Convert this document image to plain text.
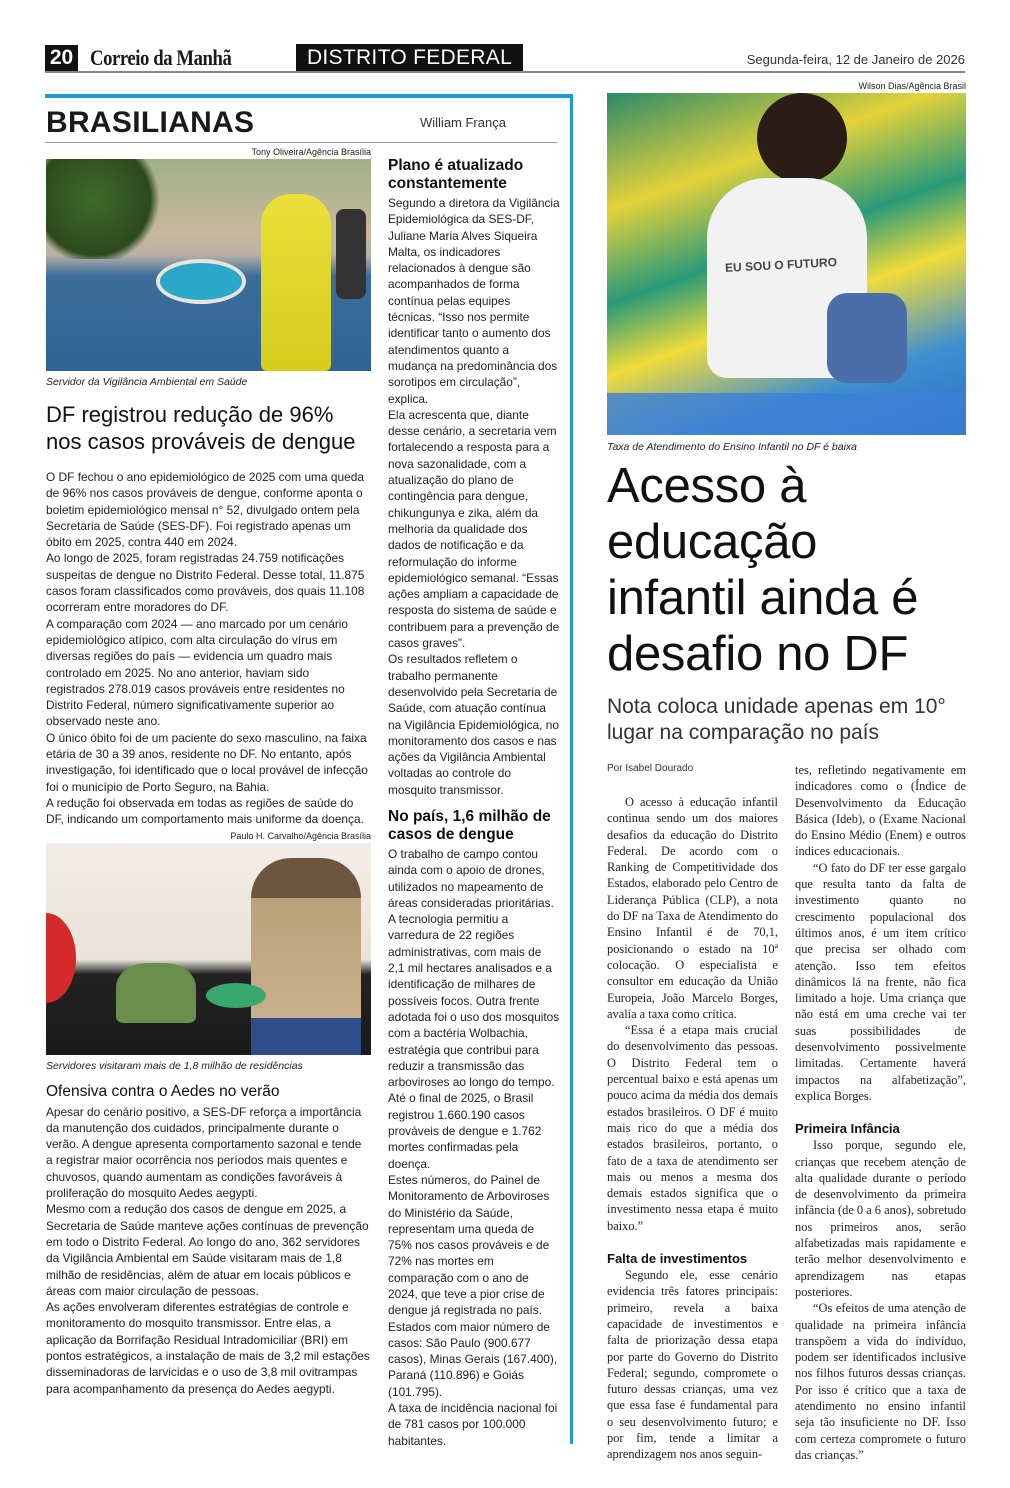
20 Correio da Manhã	DISTRITO FEDERAL	Segunda-feira, 12 de Janeiro de 2026
BRASILIANAS	William França
Tony Oliveira/Agência Brasília
Servidor da Vigilância Ambiental em Saúde
DF registrou redução de 96% nos casos prováveis de dengue

O DF fechou o ano epidemiológico de 2025 com uma queda de 96% nos casos prováveis de dengue, conforme aponta o boletim epidemiológico mensal n° 52, divulgado ontem pela Secretaria de Saúde (SES-DF). Foi registrado apenas um óbito em 2025, contra 440 em 2024.

Ao longo de 2025, foram registradas 24.759 notificações suspeitas de dengue no Distrito Federal. Desse total, 11.875 casos foram classificados como prováveis, dos quais 11.108 ocorreram entre moradores do DF.

A comparação com 2024 — ano marcado por um cenário epidemiológico atípico, com alta circulação do vírus em diversas regiões do país — evidencia um quadro mais controlado em 2025. No ano anterior, haviam sido registrados 278.019 casos prováveis entre residentes no Distrito Federal, número significativamente superior ao observado neste ano.

O único óbito foi de um paciente do sexo masculino, na faixa etária de 30 a 39 anos, residente no DF. No entanto, após investigação, foi identificado que o local provável de infecção foi o município de Porto Seguro, na Bahia.

A redução foi observada em todas as regiões de saúde do DF, indicando um comportamento mais uniforme da doença.

Paulo H. Carvalho/Agência Brasília
Servidores visitaram mais de 1,8 milhão de residências
Ofensiva contra o Aedes no verão

Apesar do cenário positivo, a SES-DF reforça a importância da manutenção dos cuidados, principalmente durante o verão. A dengue apresenta comportamento sazonal e tende a registrar maior ocorrência nos períodos mais quentes e chuvosos, quando aumentam as condições favoráveis à proliferação do mosquito Aedes aegypti.

Mesmo com a redução dos casos de dengue em 2025, a Secretaria de Saúde manteve ações contínuas de prevenção em todo o Distrito Federal. Ao longo do ano, 362 servidores da Vigilância Ambiental em Saúde visitaram mais de 1,8 milhão de residências, além de atuar em locais públicos e áreas com maior circulação de pessoas.

As ações envolveram diferentes estratégias de controle e monitoramento do mosquito transmissor. Entre elas, a aplicação da Borrifação Residual Intradomiciliar (BRI) em pontos estratégicos, a instalação de mais de 3,2 mil estações disseminadoras de larvicidas e o uso de 3,8 mil ovitrampas para acompanhamento da presença do Aedes aegypti.

Plano é atualizado constantemente

Segundo a diretora da Vigilância Epidemiológica da SES-DF, Juliane Maria Alves Siqueira Malta, os indicadores relacionados à dengue são acompanhados de forma contínua pelas equipes técnicas. “Isso nos permite identificar tanto o aumento dos atendimentos quanto a mudança na predominância dos sorotipos em circulação”, explica.

Ela acrescenta que, diante desse cenário, a secretaria vem fortalecendo a resposta para a nova sazonalidade, com a atualização do plano de contingência para dengue, chikungunya e zika, além da melhoria da qualidade dos dados de notificação e da reformulação do informe epidemiológico semanal. “Essas ações ampliam a capacidade de resposta do sistema de saúde e contribuem para a prevenção de casos graves”.

Os resultados refletem o trabalho permanente desenvolvido pela Secretaria de Saúde, com atuação contínua na Vigilância Epidemiológica, no monitoramento dos casos e nas ações da Vigilância Ambiental voltadas ao controle do mosquito transmissor.

No país, 1,6 milhão de casos de dengue

O trabalho de campo contou ainda com o apoio de drones, utilizados no mapeamento de áreas consideradas prioritárias. A tecnologia permitiu a varredura de 22 regiões administrativas, com mais de 2,1 mil hectares analisados e a identificação de milhares de possíveis focos. Outra frente adotada foi o uso dos mosquitos com a bactéria Wolbachia, estratégia que contribui para reduzir a transmissão das arboviroses ao longo do tempo.

Até o final de 2025, o Brasil registrou 1.660.190 casos prováveis de dengue e 1.762 mortes confirmadas pela doença.

Estes números, do Painel de Monitoramento de Arboviroses do Ministério da Saúde, representam uma queda de 75% nos casos prováveis e de 72% nas mortes em comparação com o ano de 2024, que teve a pior crise de dengue já registrada no país.

Estados com maior número de casos: São Paulo (900.677 casos), Minas Gerais (167.400), Paraná (110.896) e Goiás (101.795).

A taxa de incidência nacional foi de 781 casos por 100.000 habitantes.

Wilson Dias/Agência Brasil
EU SOU O FUTURO
Taxa de Atendimento do Ensino Infantil no DF é baixa
Acesso à educação infantil ainda é desafio no DF
Nota coloca unidade apenas em 10° lugar na comparação no país
Por Isabel Dourado

O acesso à educação infantil continua sendo um dos maiores desafios da educação do Distrito Federal. De acordo com o Ranking de Competitividade dos Estados, elaborado pelo Centro de Liderança Pública (CLP), a nota do DF na Taxa de Atendimento do Ensino Infantil é de 70,1, posicionando o estado na 10ª colocação. O especialista e consultor em educação da União Europeia, João Marcelo Borges, avalia a taxa como crítica.

“Essa é a etapa mais crucial do desenvolvimento das pessoas. O Distrito Federal tem o percentual baixo e está apenas um pouco acima da média dos demais estados brasileiros. O DF é muito mais rico do que a média dos estados brasileiros, portanto, o fato de a taxa de atendimento ser mais ou menos a mesma dos demais estados significa que o investimento nessa etapa é muito baixo.”

Falta de investimentos

Segundo ele, esse cenário evidencia três fatores principais: primeiro, revela a baixa capacidade de investimentos e falta de priorização dessa etapa por parte do Governo do Distrito Federal; segundo, compromete o futuro dessas crianças, uma vez que essa fase é fundamental para o seu desenvolvimento futuro; e por fim, tende a limitar a aprendizagem nos anos seguin-

tes, refletindo negativamente em indicadores como o (Índice de Desenvolvimento da Educação Básica (Ideb), o (Exame Nacional do Ensino Médio (Enem) e outros índices educacionais.

“O fato do DF ter esse gargalo que resulta tanto da falta de investimento quanto no crescimento populacional dos últimos anos, é um item crítico que precisa ser olhado com atenção. Isso tem efeitos dinâmicos lá na frente, não fica limitado a hoje. Uma criança que não está em uma creche vai ter suas possibilidades de desenvolvimento possivelmente limitadas. Certamente haverá impactos na alfabetização”, explica Borges.

Primeira Infância

Isso porque, segundo ele, crianças que recebem atenção de alta qualidade durante o período de desenvolvimento da primeira infância (de 0 a 6 anos), sobretudo nos primeiros anos, serão alfabetizadas mais rapidamente e terão melhor desenvolvimento e aprendizagem nas etapas posteriores.

“Os efeitos de uma atenção de qualidade na primeira infância transpõem a vida do indivíduo, podem ser identificados inclusive nos filhos futuros dessas crianças. Por isso é crítico que a taxa de atendimento no ensino infantil seja tão insuficiente no DF. Isso com certeza compromete o futuro das crianças.”
